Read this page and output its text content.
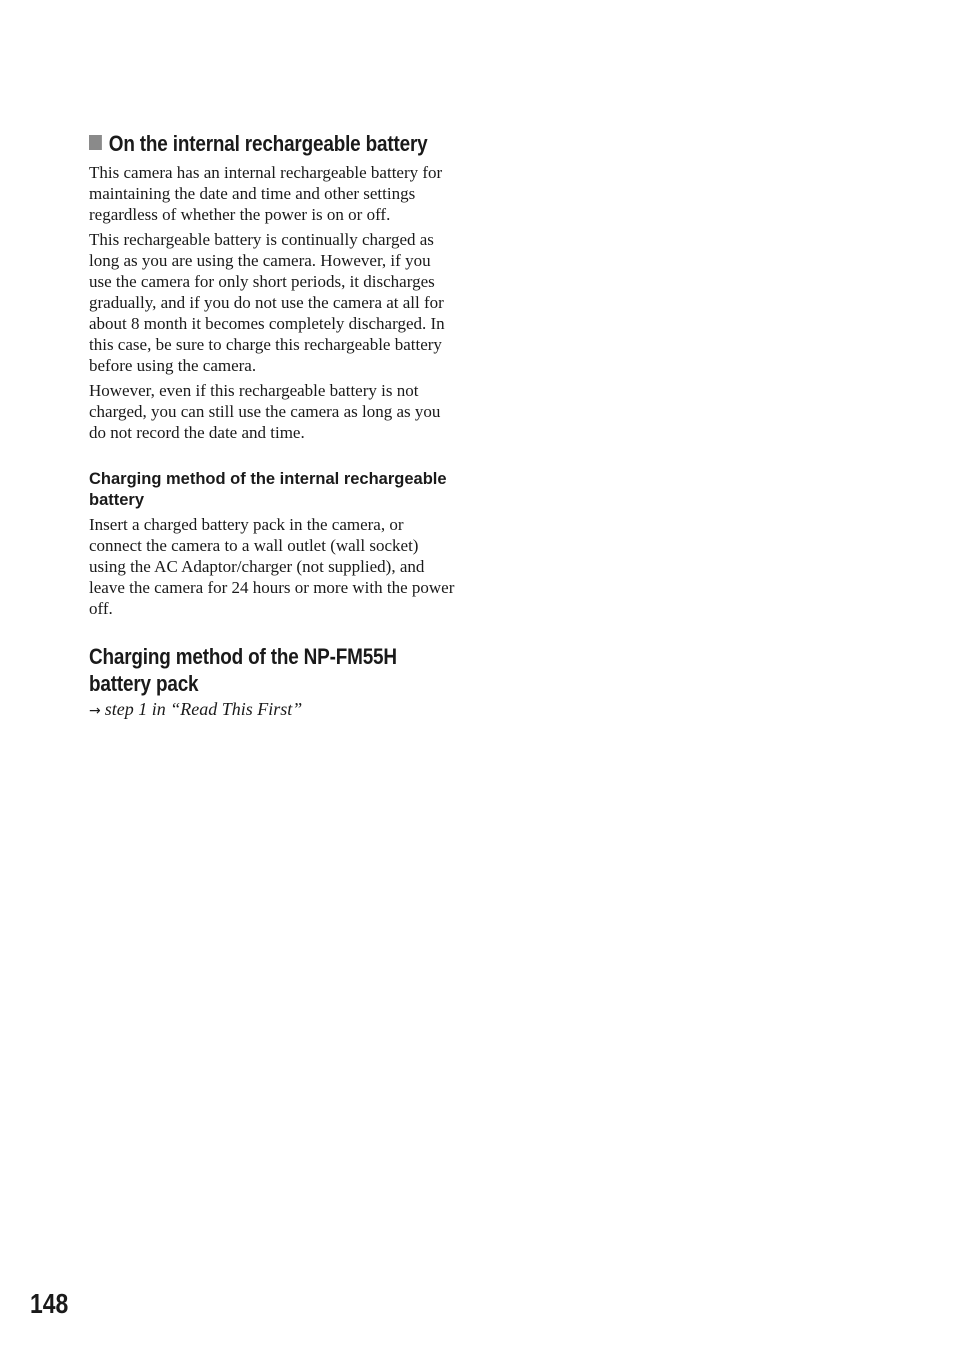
On the internal rechargeable battery

This camera has an internal rechargeable battery for maintaining the date and time and other settings regardless of whether the power is on or off.

This rechargeable battery is continually charged as long as you are using the camera. However, if you use the camera for only short periods, it discharges gradually, and if you do not use the camera at all for about 8 month it becomes completely discharged. In this case, be sure to charge this rechargeable battery before using the camera.

However, even if this rechargeable battery is not charged, you can still use the camera as long as you do not record the date and time.

Charging method of the internal rechargeable battery

Insert a charged battery pack in the camera, or connect the camera to a wall outlet (wall socket) using the AC Adaptor/charger (not supplied), and leave the camera for 24 hours or more with the power off.

Charging method of the NP-FM55H battery pack

→ step 1 in “Read This First”

148
